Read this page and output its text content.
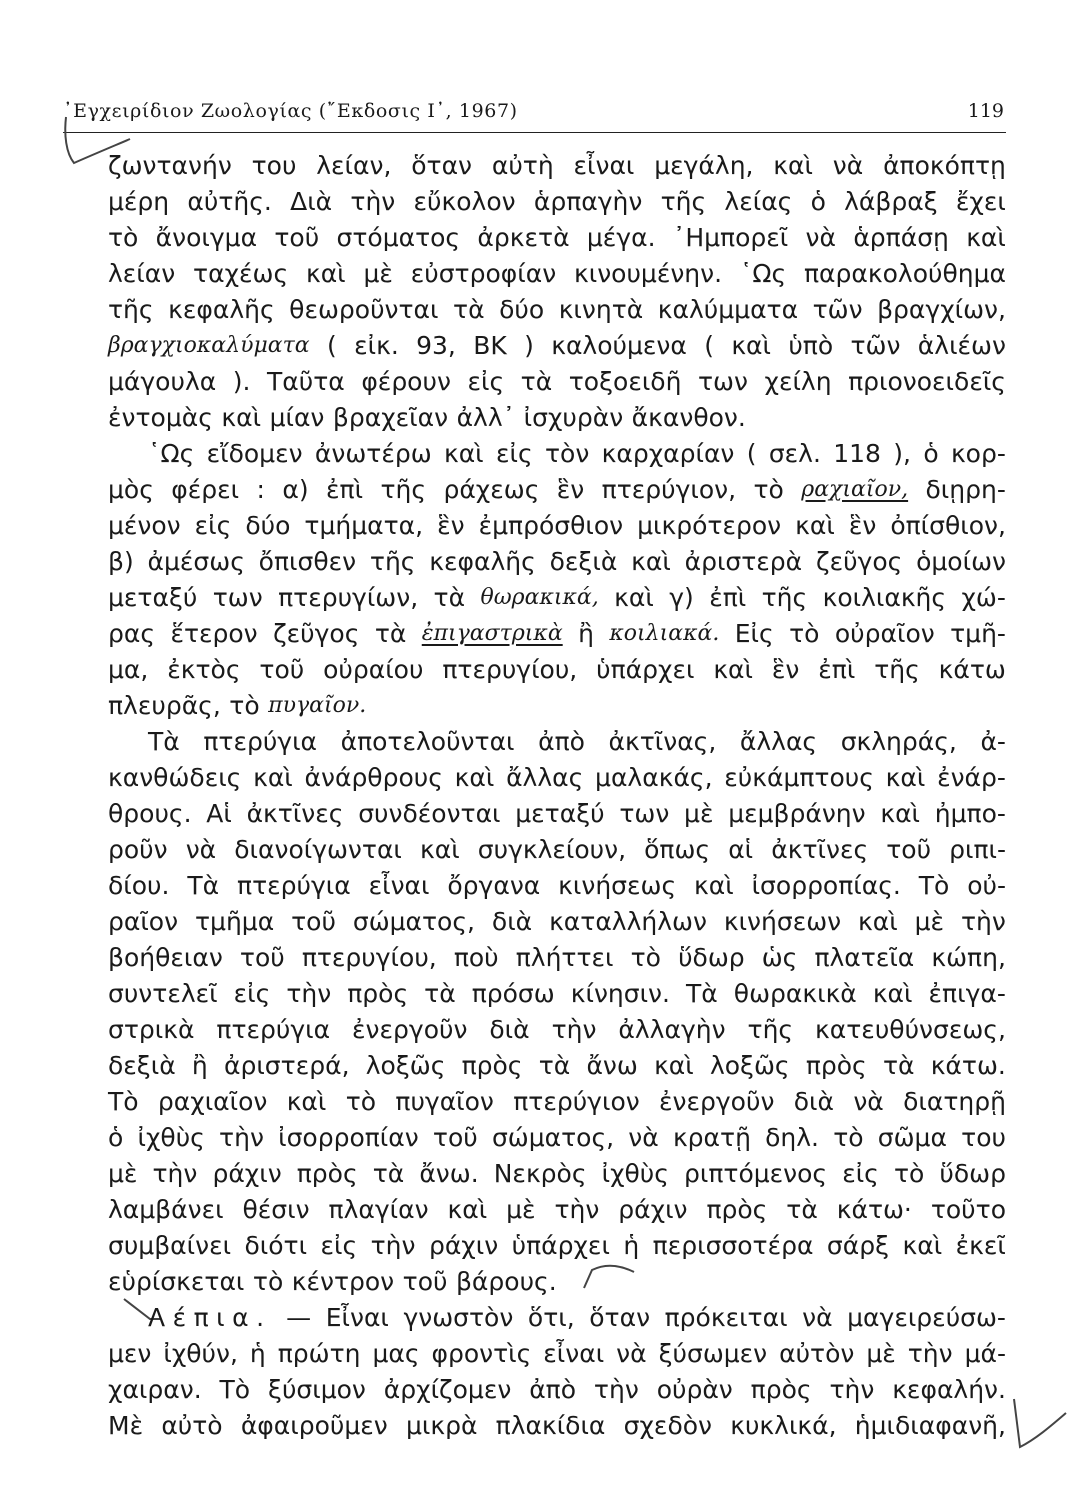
᾿Εγχειρίδιον Ζωολογίας (῎Εκδοσις Ι᾿, 1967)	119
ζωντανήν του λείαν, ὅταν αὐτὴ εἶναι μεγάλη, καὶ νὰ ἀποκόπτῃ
μέρη αὐτῆς. Διὰ τὴν εὔκολον ἁρπαγὴν τῆς λείας ὁ λάβραξ ἔχει
τὸ ἄνοιγμα τοῦ στόματος ἀρκετὰ μέγα. ᾿Ημπορεῖ νὰ ἁρπάσῃ καὶ
λείαν ταχέως καὶ μὲ εὐστροφίαν κινουμένην. ῾Ως παρακολούθημα
τῆς κεφαλῆς θεωροῦνται τὰ δύο κινητὰ καλύμματα τῶν βραγχίων,
βραγχιοκαλύματα ( εἰκ. 93, ΒΚ ) καλούμενα ( καὶ ὑπὸ τῶν ἁλιέων
μάγουλα ). Ταῦτα φέρουν εἰς τὰ τοξοειδῆ των χείλη πριονοειδεῖς
ἐντομὰς καὶ μίαν βραχεῖαν ἀλλ᾿ ἰσχυρὰν ἄκανθον.
῾Ως εἴδομεν ἀνωτέρω καὶ εἰς τὸν καρχαρίαν ( σελ. 118 ), ὁ κορ-
μὸς φέρει : α) ἐπὶ τῆς ράχεως ἓν πτερύγιον, τὸ ραχιαῖον, διῃρη-
μένον εἰς δύο τμήματα, ἓν ἐμπρόσθιον μικρότερον καὶ ἓν ὀπίσθιον,
β) ἀμέσως ὄπισθεν τῆς κεφαλῆς δεξιὰ καὶ ἀριστερὰ ζεῦγος ὁμοίων
μεταξύ των πτερυγίων, τὰ θωρακικά, καὶ γ) ἐπὶ τῆς κοιλιακῆς χώ-
ρας ἕτερον ζεῦγος τὰ ἐπιγαστρικὰ ἢ κοιλιακά. Εἰς τὸ οὐραῖον τμῆ-
μα, ἐκτὸς τοῦ οὐραίου πτερυγίου, ὑπάρχει καὶ ἓν ἐπὶ τῆς κάτω
πλευρᾶς, τὸ πυγαῖον.
Τὰ πτερύγια ἀποτελοῦνται ἀπὸ ἀκτῖνας, ἄλλας σκληράς, ἀ-
κανθώδεις καὶ ἀνάρθρους καὶ ἄλλας μαλακάς, εὐκάμπτους καὶ ἐνάρ-
θρους. Αἱ ἀκτῖνες συνδέονται μεταξύ των μὲ μεμβράνην καὶ ἠμπο-
ροῦν νὰ διανοίγωνται καὶ συγκλείουν, ὅπως αἱ ἀκτῖνες τοῦ ριπι-
δίου. Τὰ πτερύγια εἶναι ὄργανα κινήσεως καὶ ἰσορροπίας. Τὸ οὐ-
ραῖον τμῆμα τοῦ σώματος, διὰ καταλλήλων κινήσεων καὶ μὲ τὴν
βοήθειαν τοῦ πτερυγίου, ποὺ πλήττει τὸ ὕδωρ ὡς πλατεῖα κώπη,
συντελεῖ εἰς τὴν πρὸς τὰ πρόσω κίνησιν. Τὰ θωρακικὰ καὶ ἐπιγα-
στρικὰ πτερύγια ἐνεργοῦν διὰ τὴν ἀλλαγὴν τῆς κατευθύνσεως,
δεξιὰ ἢ ἀριστερά, λοξῶς πρὸς τὰ ἄνω καὶ λοξῶς πρὸς τὰ κάτω.
Τὸ ραχιαῖον καὶ τὸ πυγαῖον πτερύγιον ἐνεργοῦν διὰ νὰ διατηρῇ
ὁ ἰχθὺς τὴν ἰσορροπίαν τοῦ σώματος, νὰ κρατῇ δηλ. τὸ σῶμα του
μὲ τὴν ράχιν πρὸς τὰ ἄνω. Νεκρὸς ἰχθὺς ριπτόμενος εἰς τὸ ὕδωρ
λαμβάνει θέσιν πλαγίαν καὶ μὲ τὴν ράχιν πρὸς τὰ κάτω· τοῦτο
συμβαίνει διότι εἰς τὴν ράχιν ὑπάρχει ἡ περισσοτέρα σάρξ καὶ ἐκεῖ
εὑρίσκεται τὸ κέντρον τοῦ βάρους.
Λέπια. — Εἶναι γνωστὸν ὅτι, ὅταν πρόκειται νὰ μαγειρεύσω-
μεν ἰχθύν, ἡ πρώτη μας φροντὶς εἶναι νὰ ξύσωμεν αὐτὸν μὲ τὴν μά-
χαιραν. Τὸ ξύσιμον ἀρχίζομεν ἀπὸ τὴν οὐρὰν πρὸς τὴν κεφαλήν.
Μὲ αὐτὸ ἀφαιροῦμεν μικρὰ πλακίδια σχεδὸν κυκλικά, ἡμιδιαφανῆ,
